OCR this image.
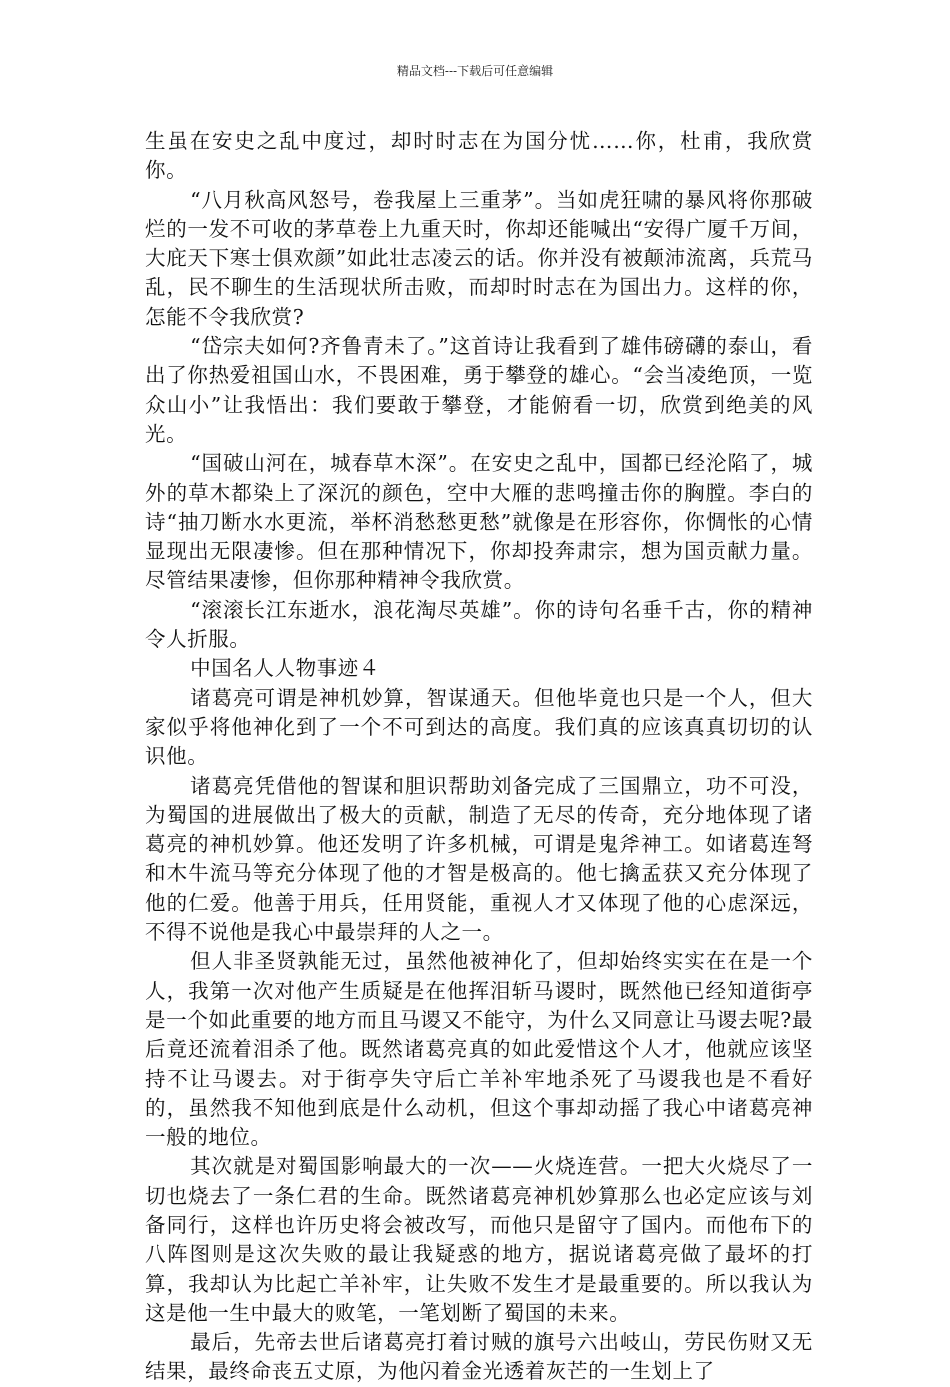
精品文档---下载后可任意编辑

生虽在安史之乱中度过，却时时志在为国分忧……你，杜甫，我欣赏你。

“八月秋高风怒号，卷我屋上三重茅”。当如虎狂啸的暴风将你那破烂的一发不可收的茅草卷上九重天时，你却还能喊出“安得广厦千万间，大庇天下寒士俱欢颜”如此壮志凌云的话。你并没有被颠沛流离，兵荒马乱，民不聊生的生活现状所击败，而却时时志在为国出力。这样的你，怎能不令我欣赏?

“岱宗夫如何?齐鲁青未了。”这首诗让我看到了雄伟磅礴的泰山，看出了你热爱祖国山水，不畏困难，勇于攀登的雄心。“会当凌绝顶，一览众山小”让我悟出：我们要敢于攀登，才能俯看一切，欣赏到绝美的风光。

“国破山河在，城春草木深”。在安史之乱中，国都已经沦陷了，城外的草木都染上了深沉的颜色，空中大雁的悲鸣撞击你的胸膛。李白的诗“抽刀断水水更流，举杯消愁愁更愁”就像是在形容你，你惆怅的心情显现出无限凄惨。但在那种情况下，你却投奔肃宗，想为国贡献力量。尽管结果凄惨，但你那种精神令我欣赏。

“滚滚长江东逝水，浪花淘尽英雄”。你的诗句名垂千古，你的精神令人折服。

中国名人人物事迹４

诸葛亮可谓是神机妙算，智谋通天。但他毕竟也只是一个人，但大家似乎将他神化到了一个不可到达的高度。我们真的应该真真切切的认识他。

诸葛亮凭借他的智谋和胆识帮助刘备完成了三国鼎立，功不可没，为蜀国的进展做出了极大的贡献，制造了无尽的传奇，充分地体现了诸葛亮的神机妙算。他还发明了许多机械，可谓是鬼斧神工。如诸葛连弩和木牛流马等充分体现了他的才智是极高的。他七擒孟获又充分体现了他的仁爱。他善于用兵，任用贤能，重视人才又体现了他的心虑深远，不得不说他是我心中最崇拜的人之一。

但人非圣贤孰能无过，虽然他被神化了，但却始终实实在在是一个人，我第一次对他产生质疑是在他挥泪斩马谡时，既然他已经知道街亭是一个如此重要的地方而且马谡又不能守，为什么又同意让马谡去呢?最后竟还流着泪杀了他。既然诸葛亮真的如此爱惜这个人才，他就应该坚持不让马谡去。对于街亭失守后亡羊补牢地杀死了马谡我也是不看好的，虽然我不知他到底是什么动机，但这个事却动摇了我心中诸葛亮神一般的地位。

其次就是对蜀国影响最大的一次——火烧连营。一把大火烧尽了一切也烧去了一条仁君的生命。既然诸葛亮神机妙算那么也必定应该与刘备同行，这样也许历史将会被改写，而他只是留守了国内。而他布下的八阵图则是这次失败的最让我疑惑的地方，据说诸葛亮做了最坏的打算，我却认为比起亡羊补牢，让失败不发生才是最重要的。所以我认为这是他一生中最大的败笔，一笔划断了蜀国的未来。

最后，先帝去世后诸葛亮打着讨贼的旗号六出岐山，劳民伤财又无结果，最终命丧五丈原，为他闪着金光透着灰芒的一生划上了
